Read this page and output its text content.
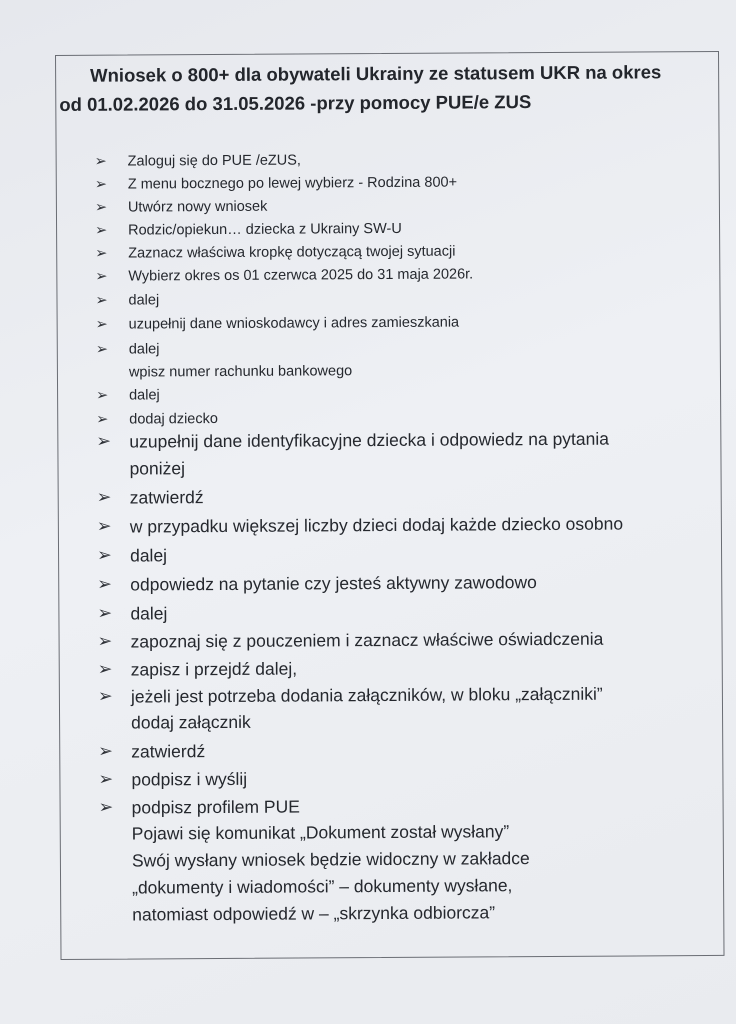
Wniosek o 800+ dla obywateli Ukrainy ze statusem UKR na okres
od 01.02.2026 do 31.05.2026 -przy pomocy PUE/e ZUS
➢ Zaloguj się do PUE /eZUS,
➢ Z menu bocznego po lewej wybierz - Rodzina 800+
➢ Utwórz nowy wniosek
➢ Rodzic/opiekun… dziecka z Ukrainy SW-U
➢ Zaznacz właściwa kropkę dotyczącą twojej sytuacji
➢ Wybierz okres os 01 czerwca 2025 do 31 maja 2026r.
➢ dalej
➢ uzupełnij dane wnioskodawcy i adres zamieszkania
➢ dalej
wpisz numer rachunku bankowego
➢ dalej
➢ dodaj dziecko
➢ uzupełnij dane identyfikacyjne dziecka i odpowiedz na pytania
poniżej
➢ zatwierdź
➢ w przypadku większej liczby dzieci dodaj każde dziecko osobno
➢ dalej
➢ odpowiedz na pytanie czy jesteś aktywny zawodowo
➢ dalej
➢ zapoznaj się z pouczeniem i zaznacz właściwe oświadczenia
➢ zapisz i przejdź dalej,
➢ jeżeli jest potrzeba dodania załączników, w bloku „załączniki”
dodaj załącznik
➢ zatwierdź
➢ podpisz i wyślij
➢ podpisz profilem PUE
Pojawi się komunikat „Dokument został wysłany”
Swój wysłany wniosek będzie widoczny w zakładce
„dokumenty i wiadomości” – dokumenty wysłane,
natomiast odpowiedź w – „skrzynka odbiorcza”
